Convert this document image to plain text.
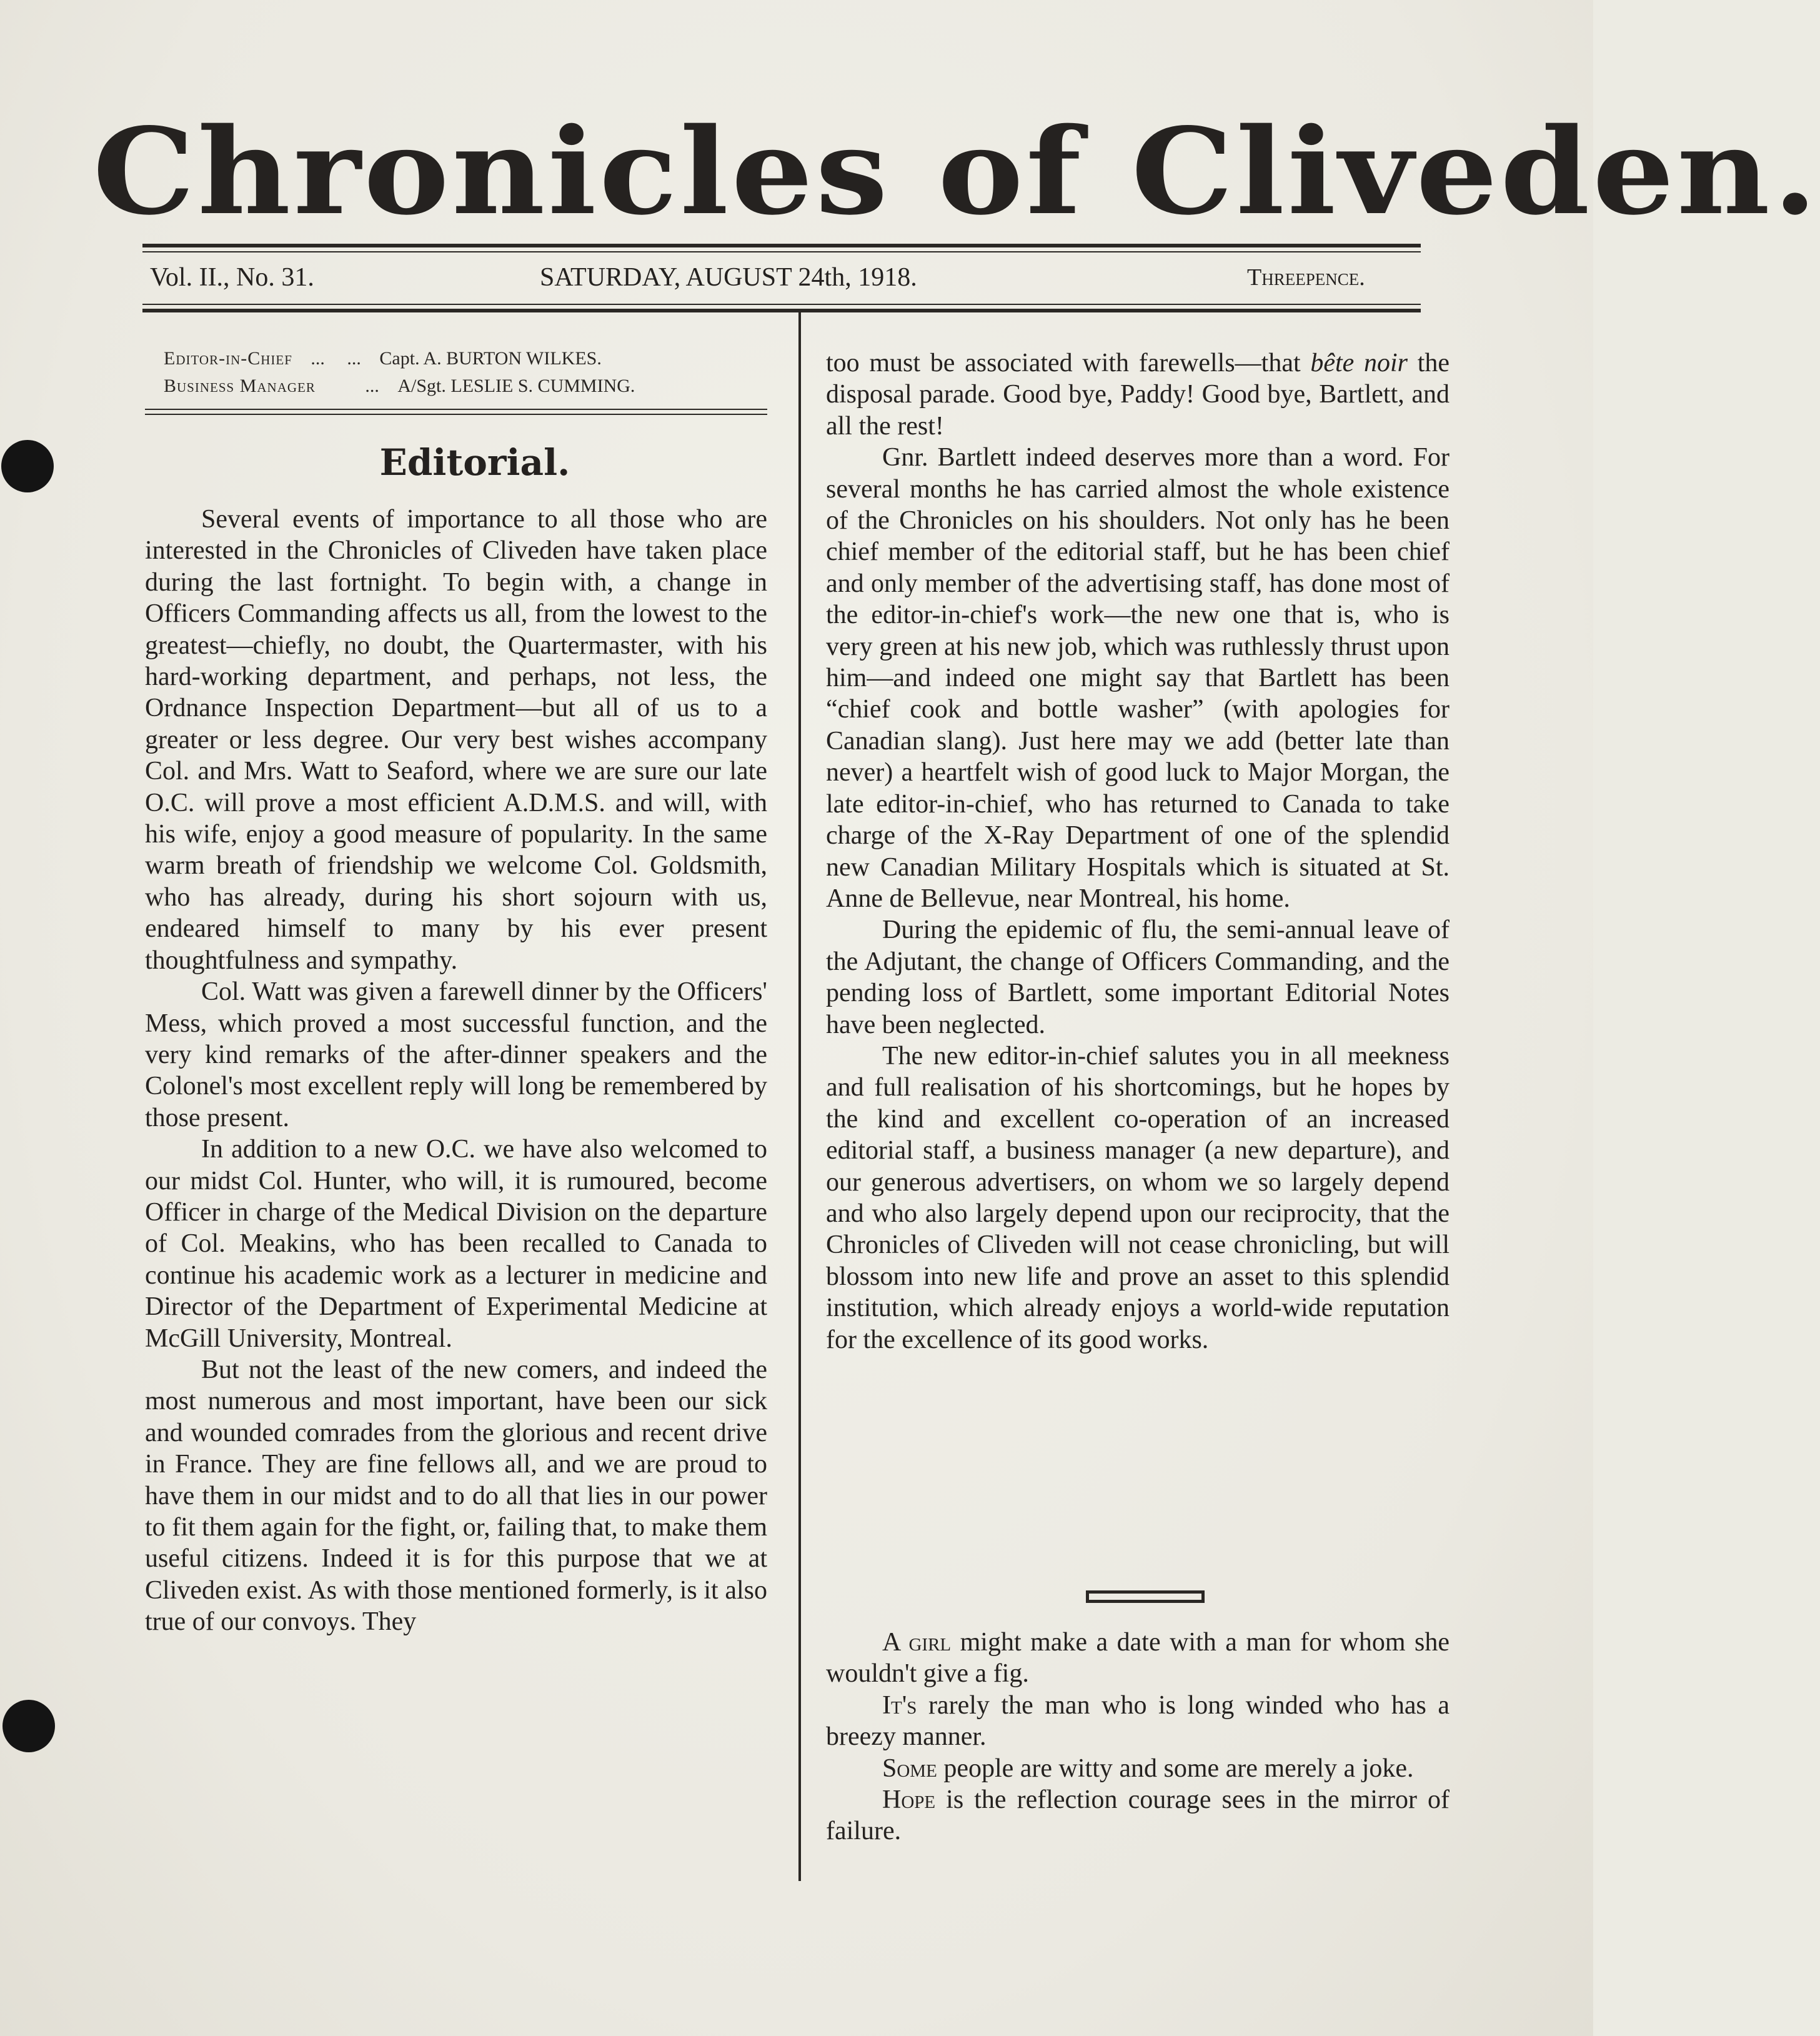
Chronicles of Cliveden.
Vol. II., No. 31.	SATURDAY, AUGUST 24th, 1918.	Threepence.
Editor-in-Chief ... ... Capt. A. BURTON WILKES.
Business Manager	... A/Sgt. LESLIE S. CUMMING.
Editorial.

Several events of importance to all those who are interested in the Chronicles of Cliveden have taken place during the last fortnight. To begin with, a change in Officers Commanding affects us all, from the lowest to the greatest—chiefly, no doubt, the Quartermaster, with his hard-working department, and perhaps, not less, the Ordnance Inspection Department—but all of us to a greater or less degree. Our very best wishes accompany Col. and Mrs. Watt to Seaford, where we are sure our late O.C. will prove a most efficient A.D.M.S. and will, with his wife, enjoy a good measure of popularity. In the same warm breath of friendship we welcome Col. Goldsmith, who has already, during his short sojourn with us, endeared himself to many by his ever present thoughtfulness and sympathy.

Col. Watt was given a farewell dinner by the Officers' Mess, which proved a most successful function, and the very kind remarks of the after-dinner speakers and the Colonel's most excellent reply will long be remembered by those present.

In addition to a new O.C. we have also welcomed to our midst Col. Hunter, who will, it is rumoured, become Officer in charge of the Medical Division on the departure of Col. Meakins, who has been recalled to Canada to continue his academic work as a lecturer in medicine and Director of the Department of Experimental Medicine at McGill University, Montreal.

But not the least of the new comers, and indeed the most numerous and most important, have been our sick and wounded comrades from the glorious and recent drive in France. They are fine fellows all, and we are proud to have them in our midst and to do all that lies in our power to fit them again for the fight, or, failing that, to make them useful citizens. Indeed it is for this purpose that we at Cliveden exist. As with those mentioned formerly, is it also true of our convoys. They

too must be associated with farewells—that bête noir the disposal parade. Good bye, Paddy! Good bye, Bartlett, and all the rest!

Gnr. Bartlett indeed deserves more than a word. For several months he has carried almost the whole existence of the Chronicles on his shoulders. Not only has he been chief member of the editorial staff, but he has been chief and only member of the advertising staff, has done most of the editor-in-chief's work—the new one that is, who is very green at his new job, which was ruthlessly thrust upon him—and indeed one might say that Bartlett has been “chief cook and bottle washer” (with apologies for Canadian slang). Just here may we add (better late than never) a heartfelt wish of good luck to Major Morgan, the late editor-in-chief, who has returned to Canada to take charge of the X-Ray Department of one of the splendid new Canadian Military Hospitals which is situated at St. Anne de Bellevue, near Montreal, his home.

During the epidemic of flu, the semi-annual leave of the Adjutant, the change of Officers Commanding, and the pending loss of Bartlett, some important Editorial Notes have been neglected.

The new editor-in-chief salutes you in all meekness and full realisation of his shortcomings, but he hopes by the kind and excellent co-operation of an increased editorial staff, a business manager (a new departure), and our generous advertisers, on whom we so largely depend and who also largely depend upon our reciprocity, that the Chronicles of Cliveden will not cease chronicling, but will blossom into new life and prove an asset to this splendid institution, which already enjoys a world-wide reputation for the excellence of its good works.

A girl might make a date with a man for whom she wouldn't give a fig.

It's rarely the man who is long winded who has a breezy manner.

Some people are witty and some are merely a joke.

Hope is the reflection courage sees in the mirror of failure.
